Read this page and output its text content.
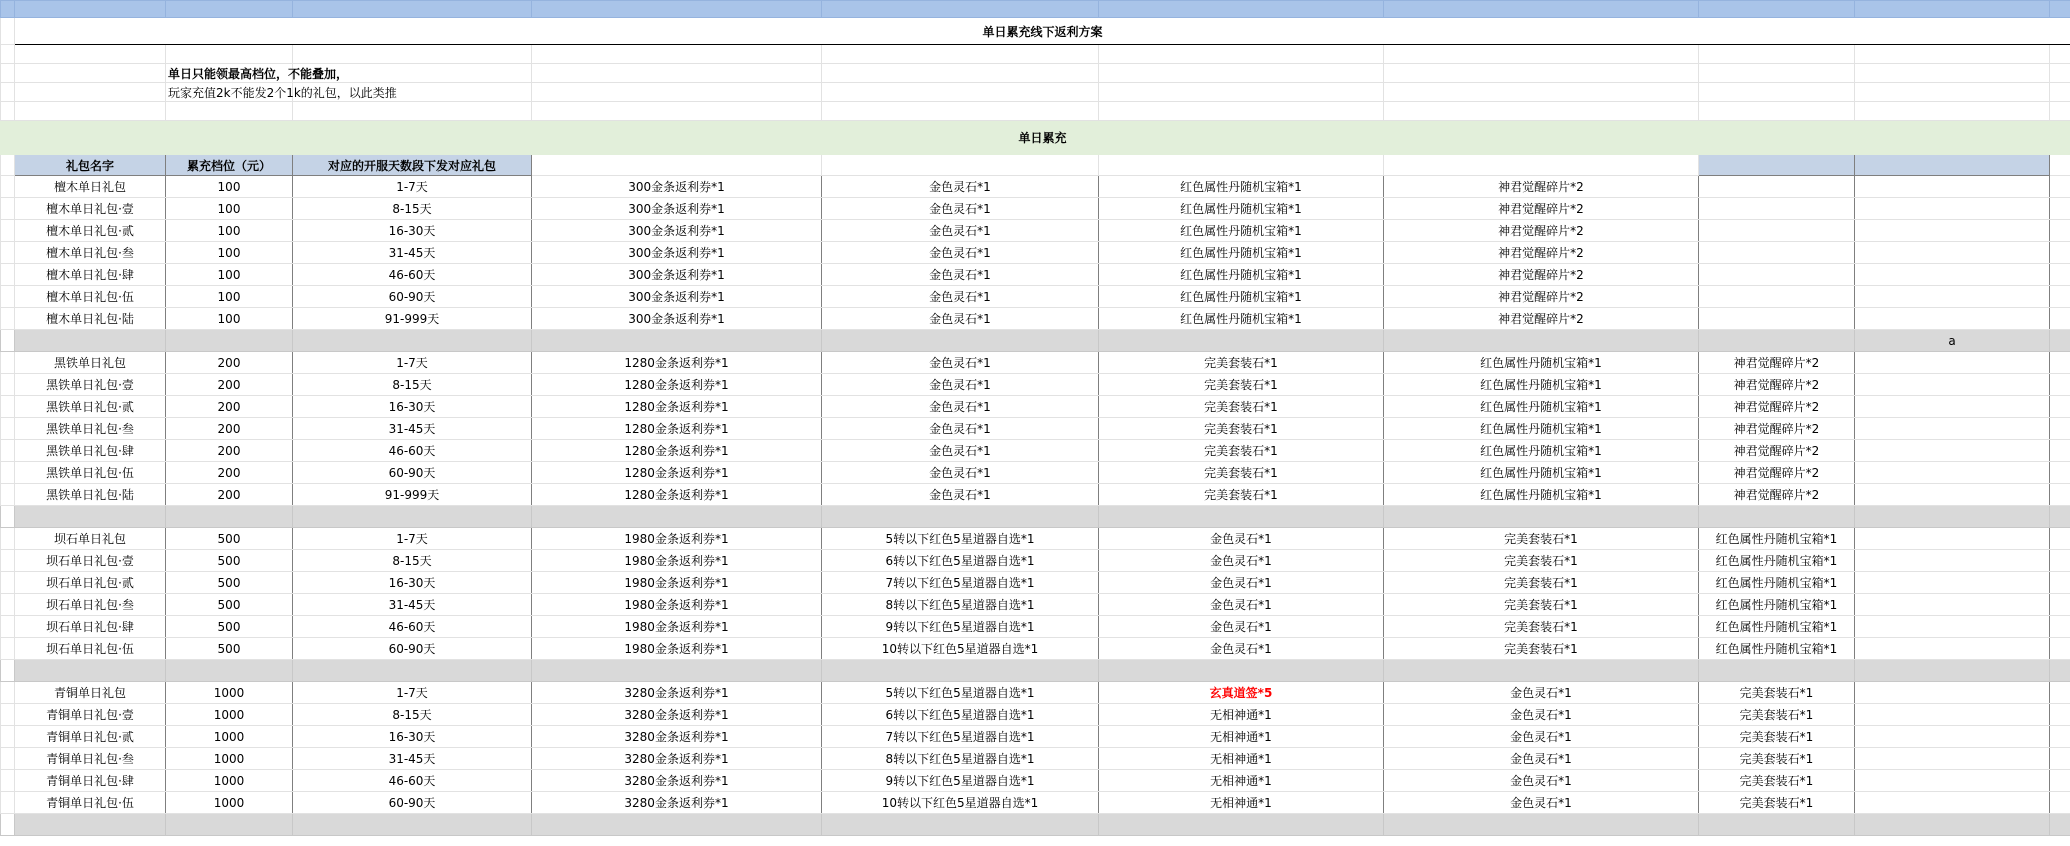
	单日累充线下返利方案									

		单日只能领最高档位，不能叠加，								
		玩家充值2k不能发2个1k的礼包，以此类推								

	单日累充									
	礼包名字	累充档位（元）	对应的开服天数段下发对应礼包							
	檀木单日礼包	100	1-7天	300金条返利券*1	金色灵石*1	红色属性丹随机宝箱*1	神君觉醒碎片*2			
	檀木单日礼包·壹	100	8-15天	300金条返利券*1	金色灵石*1	红色属性丹随机宝箱*1	神君觉醒碎片*2			
	檀木单日礼包·贰	100	16-30天	300金条返利券*1	金色灵石*1	红色属性丹随机宝箱*1	神君觉醒碎片*2			
	檀木单日礼包·叁	100	31-45天	300金条返利券*1	金色灵石*1	红色属性丹随机宝箱*1	神君觉醒碎片*2			
	檀木单日礼包·肆	100	46-60天	300金条返利券*1	金色灵石*1	红色属性丹随机宝箱*1	神君觉醒碎片*2			
	檀木单日礼包·伍	100	60-90天	300金条返利券*1	金色灵石*1	红色属性丹随机宝箱*1	神君觉醒碎片*2			
	檀木单日礼包·陆	100	91-999天	300金条返利券*1	金色灵石*1	红色属性丹随机宝箱*1	神君觉醒碎片*2			
									a	
	黑铁单日礼包	200	1-7天	1280金条返利券*1	金色灵石*1	完美套装石*1	红色属性丹随机宝箱*1	神君觉醒碎片*2		
	黑铁单日礼包·壹	200	8-15天	1280金条返利券*1	金色灵石*1	完美套装石*1	红色属性丹随机宝箱*1	神君觉醒碎片*2		
	黑铁单日礼包·贰	200	16-30天	1280金条返利券*1	金色灵石*1	完美套装石*1	红色属性丹随机宝箱*1	神君觉醒碎片*2		
	黑铁单日礼包·叁	200	31-45天	1280金条返利券*1	金色灵石*1	完美套装石*1	红色属性丹随机宝箱*1	神君觉醒碎片*2		
	黑铁单日礼包·肆	200	46-60天	1280金条返利券*1	金色灵石*1	完美套装石*1	红色属性丹随机宝箱*1	神君觉醒碎片*2		
	黑铁单日礼包·伍	200	60-90天	1280金条返利券*1	金色灵石*1	完美套装石*1	红色属性丹随机宝箱*1	神君觉醒碎片*2		
	黑铁单日礼包·陆	200	91-999天	1280金条返利券*1	金色灵石*1	完美套装石*1	红色属性丹随机宝箱*1	神君觉醒碎片*2		

	坝石单日礼包	500	1-7天	1980金条返利券*1	5转以下红色5星道器自选*1	金色灵石*1	完美套装石*1	红色属性丹随机宝箱*1		
	坝石单日礼包·壹	500	8-15天	1980金条返利券*1	6转以下红色5星道器自选*1	金色灵石*1	完美套装石*1	红色属性丹随机宝箱*1		
	坝石单日礼包·贰	500	16-30天	1980金条返利券*1	7转以下红色5星道器自选*1	金色灵石*1	完美套装石*1	红色属性丹随机宝箱*1		
	坝石单日礼包·叁	500	31-45天	1980金条返利券*1	8转以下红色5星道器自选*1	金色灵石*1	完美套装石*1	红色属性丹随机宝箱*1		
	坝石单日礼包·肆	500	46-60天	1980金条返利券*1	9转以下红色5星道器自选*1	金色灵石*1	完美套装石*1	红色属性丹随机宝箱*1		
	坝石单日礼包·伍	500	60-90天	1980金条返利券*1	10转以下红色5星道器自选*1	金色灵石*1	完美套装石*1	红色属性丹随机宝箱*1		

	青铜单日礼包	1000	1-7天	3280金条返利券*1	5转以下红色5星道器自选*1	玄真道签*5	金色灵石*1	完美套装石*1		
	青铜单日礼包·壹	1000	8-15天	3280金条返利券*1	6转以下红色5星道器自选*1	无相神通*1	金色灵石*1	完美套装石*1		
	青铜单日礼包·贰	1000	16-30天	3280金条返利券*1	7转以下红色5星道器自选*1	无相神通*1	金色灵石*1	完美套装石*1		
	青铜单日礼包·叁	1000	31-45天	3280金条返利券*1	8转以下红色5星道器自选*1	无相神通*1	金色灵石*1	完美套装石*1		
	青铜单日礼包·肆	1000	46-60天	3280金条返利券*1	9转以下红色5星道器自选*1	无相神通*1	金色灵石*1	完美套装石*1		
	青铜单日礼包·伍	1000	60-90天	3280金条返利券*1	10转以下红色5星道器自选*1	无相神通*1	金色灵石*1	完美套装石*1		
